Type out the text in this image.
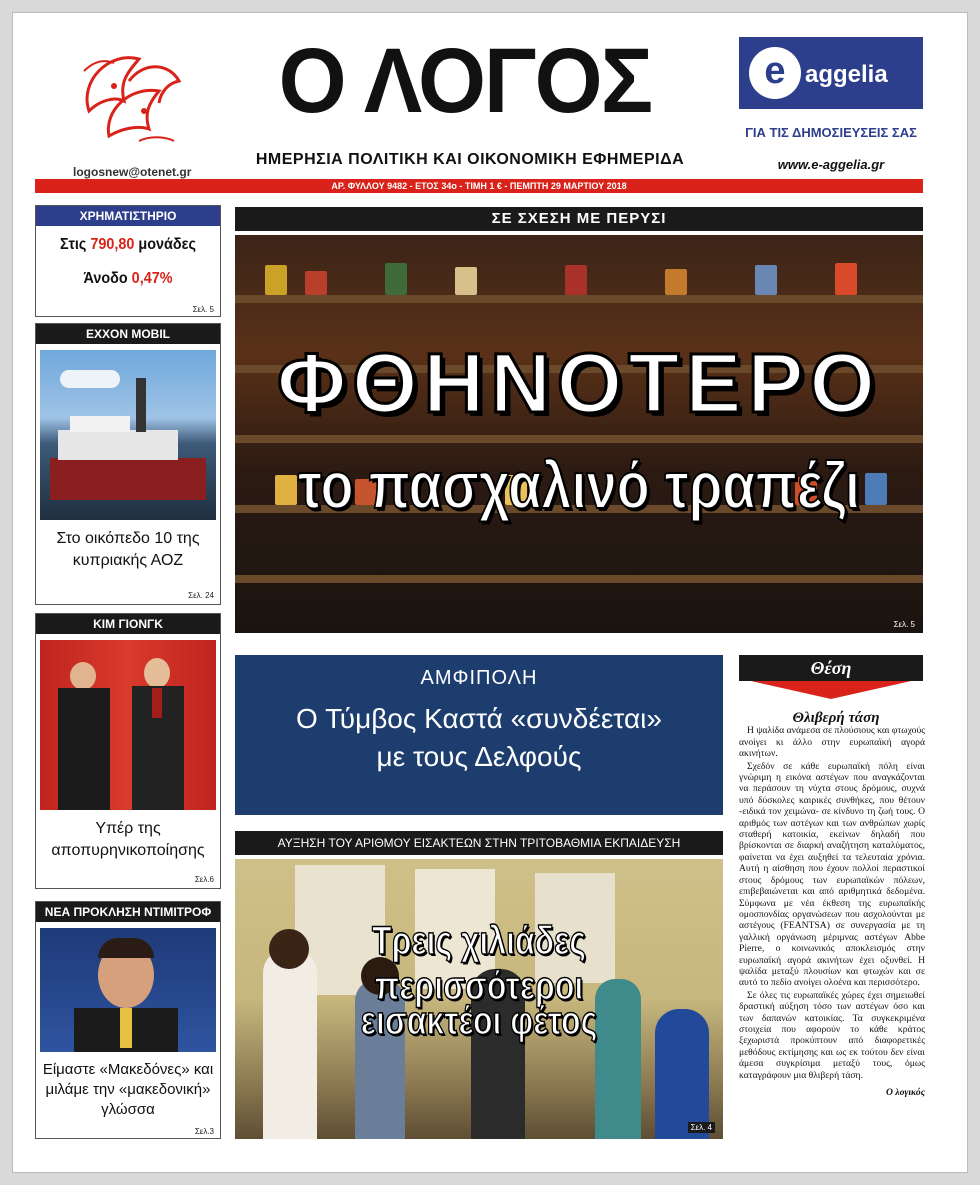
logosnew@otenet.gr
Ο ΛΟΓΟΣ
ΗΜΕΡΗΣΙΑ ΠΟΛΙΤΙΚΗ ΚΑΙ ΟΙΚΟΝΟΜΙΚΗ ΕΦΗΜΕΡΙΔΑ
e aggelia
ΓΙΑ ΤΙΣ ΔΗΜΟΣΙΕΥΣΕΙΣ ΣΑΣ
www.e-aggelia.gr
ΑΡ. ΦΥΛΛΟΥ 9482 - ΕΤΟΣ 34ο - ΤΙΜΗ 1 € - ΠΕΜΠΤΗ 29 ΜΑΡΤΙΟΥ 2018
ΧΡΗΜΑΤΙΣΤΗΡΙΟ
Στις 790,80 μονάδες
Άνοδο 0,47%
Σελ. 5
EXXON MOBIL
Στο οικόπεδο 10 της κυπριακής ΑΟΖ
Σελ. 24
ΚΙΜ ΓΙΟΝΓΚ
Υπέρ της αποπυρηνικοποίησης
Σελ.6
ΝΕΑ ΠΡΟΚΛΗΣΗ ΝΤΙΜΙΤΡΟΦ
Είμαστε «Μακεδόνες» και μιλάμε την «μακεδονική» γλώσσα
Σελ.3
ΣΕ ΣΧΕΣΗ ΜΕ ΠΕΡΥΣΙ
ΦΘΗΝΟΤΕΡΟ
το πασχαλινό τραπέζι
Σελ. 5
ΑΜΦΙΠΟΛΗ
Ο Τύμβος Καστά «συνδέεται»
με τους Δελφούς
ΑΥΞΗΣΗ ΤΟΥ ΑΡΙΘΜΟΥ ΕΙΣΑΚΤΕΩΝ ΣΤΗΝ ΤΡΙΤΟΒΑΘΜΙΑ ΕΚΠΑΙΔΕΥΣΗ
Τρεις χιλιάδες περισσότεροι
εισακτέοι φέτος
Σελ. 4
Θέση

Θλιβερή τάση

Η ψαλίδα ανάμεσα σε πλούσιους και φτωχούς ανοίγει κι άλλο στην ευρωπαϊκή αγορά ακινήτων.

Σχεδόν σε κάθε ευρωπαϊκή πόλη είναι γνώριμη η εικόνα αστέγων που αναγκάζονται να περάσουν τη νύχτα στους δρόμους, συχνά υπό δύσκολες καιρικές συνθήκες, που θέτουν -ειδικά τον χειμώνα- σε κίνδυνο τη ζωή τους. Ο αριθμός των αστέγων και των ανθρώπων χωρίς σταθερή κατοικία, εκείνων δηλαδή που βρίσκονται σε διαρκή αναζήτηση καταλύματος, φαίνεται να έχει αυξηθεί τα τελευταία χρόνια. Αυτή η αίσθηση που έχουν πολλοί περαστικοί στους δρόμους των ευρωπαϊκών πόλεων, επιβεβαιώνεται και από αριθμητικά δεδομένα. Σύμφωνα με νέα έκθεση της ευρωπαϊκής ομοσπονδίας οργανώσεων που ασχολούνται με αστέγους (FEANTSA) σε συνεργασία με τη γαλλική οργάνωση μέριμνας αστέγων Abbe Pierre, ο κοινωνικός αποκλεισμός στην ευρωπαϊκή αγορά ακινήτων έχει οξυνθεί. Η ψαλίδα μεταξύ πλουσίων και φτωχών και σε αυτό το πεδίο ανοίγει ολοένα και περισσότερο.

Σε όλες τις ευρωπαϊκές χώρες έχει σημειωθεί δραστική αύξηση τόσο των αστέγων όσο και των δαπανών κατοικίας. Τα συγκεκριμένα στοιχεία που αφορούν το κάθε κράτος ξεχωριστά προκύπτουν από διαφορετικές μεθόδους εκτίμησης και ως εκ τούτου δεν είναι άμεσα συγκρίσιμα μεταξύ τους, όμως καταγράφουν μια θλιβερή τάση.

Ο λογικός
